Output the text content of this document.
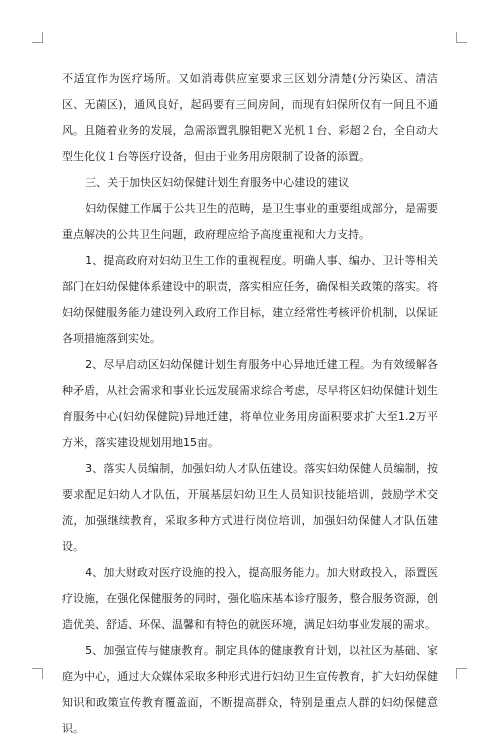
不适宜作为医疗场所。又如消毒供应室要求三区划分清楚(分污染区、清洁区、无菌区)，通风良好，起码要有三间房间，而现有妇保所仅有一间且不通风。且随着业务的发展，急需添置乳腺钼靶Ｘ光机１台、彩超２台，全自动大型生化仪１台等医疗设备，但由于业务用房限制了设备的添置。

三、关于加快区妇幼保健计划生育服务中心建设的建议

妇幼保健工作属于公共卫生的范畴，是卫生事业的重要组成部分，是需要重点解决的公共卫生问题，政府理应给予高度重视和大力支持。

1、提高政府对妇幼卫生工作的重视程度。明确人事、编办、卫计等相关部门在妇幼保健体系建设中的职责，落实相应任务，确保相关政策的落实。将妇幼保健服务能力建设列入政府工作目标，建立经常性考核评价机制，以保证各项措施落到实处。

2、尽早启动区妇幼保健计划生育服务中心异地迁建工程。为有效缓解各种矛盾，从社会需求和事业长远发展需求综合考虑，尽早将区妇幼保健计划生育服务中心(妇幼保健院)异地迁建，将单位业务用房面积要求扩大至1.2万平方米，落实建设规划用地15亩。

3、落实人员编制，加强妇幼人才队伍建设。落实妇幼保健人员编制，按要求配足妇幼人才队伍，开展基层妇幼卫生人员知识技能培训，鼓励学术交流，加强继续教育，采取多种方式进行岗位培训，加强妇幼保健人才队伍建设。

4、加大财政对医疗设施的投入，提高服务能力。加大财政投入，添置医疗设施，在强化保健服务的同时，强化临床基本诊疗服务，整合服务资源，创造优美、舒适、环保、温馨和有特色的就医环境，满足妇幼事业发展的需求。

5、加强宣传与健康教育。制定具体的健康教育计划，以社区为基础、家庭为中心，通过大众媒体采取多种形式进行妇幼卫生宣传教育，扩大妇幼保健知识和政策宣传教育覆盖面，不断提高群众，特别是重点人群的妇幼保健意识。
